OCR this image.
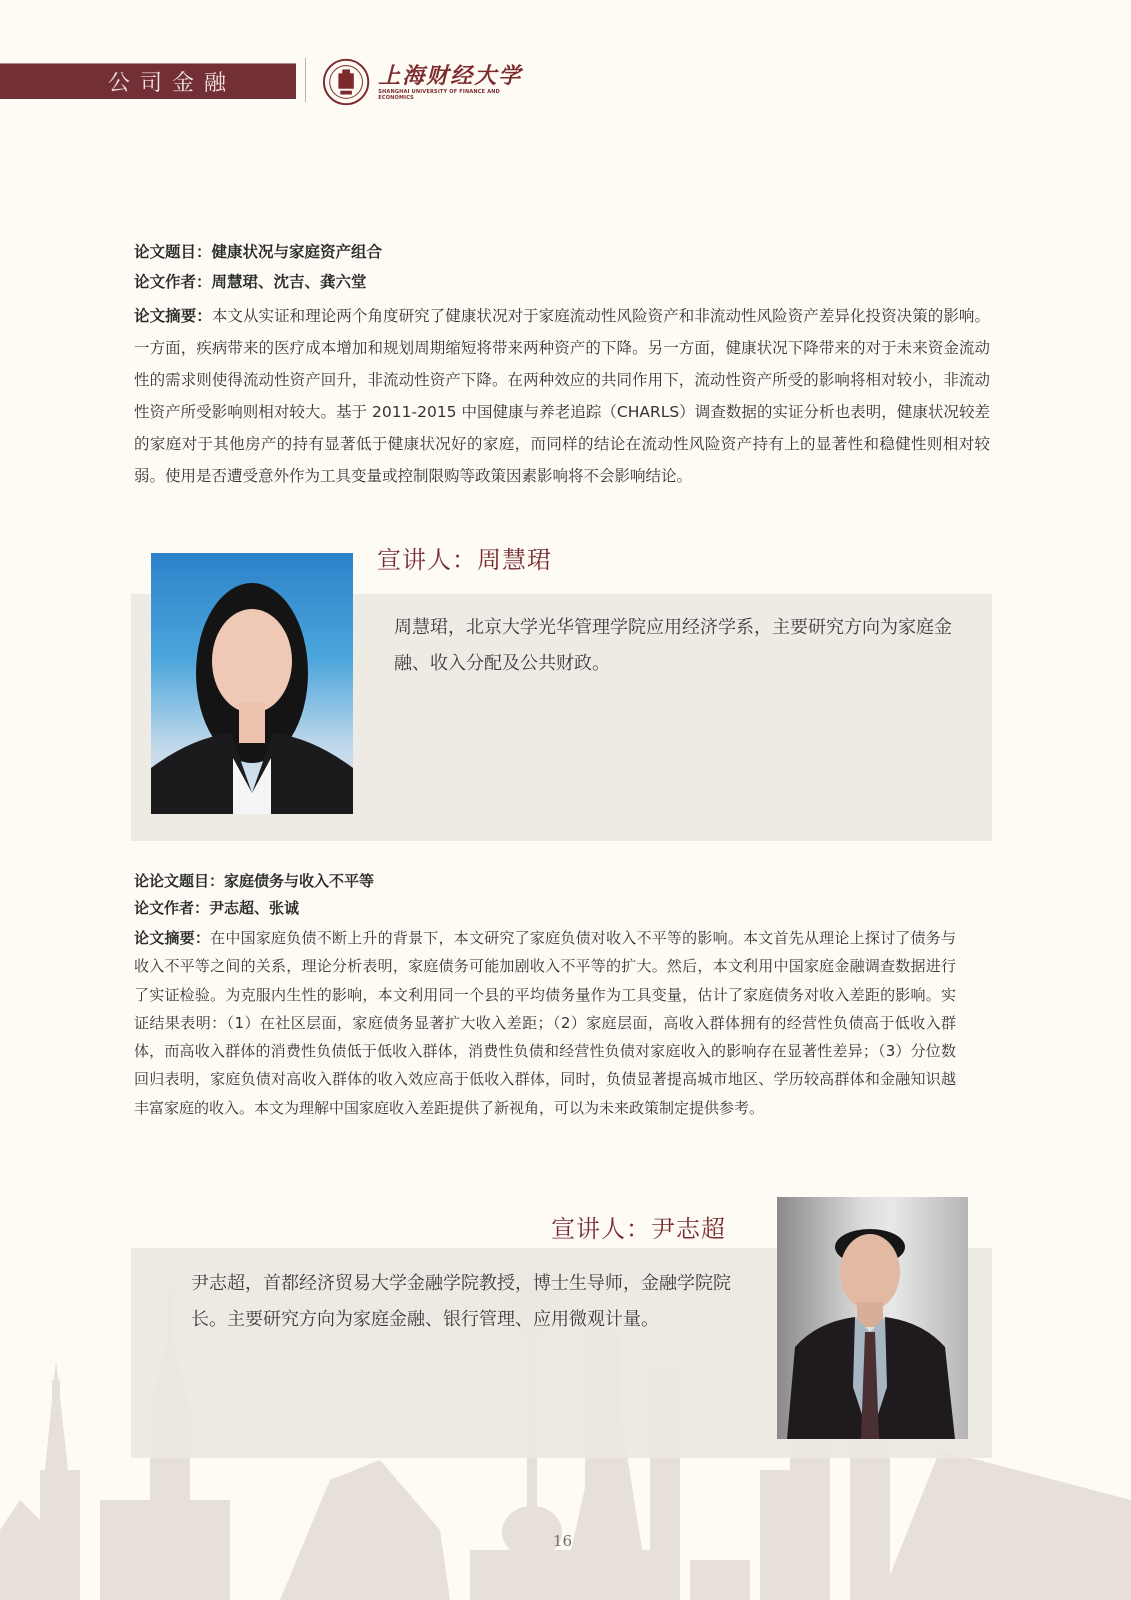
公司金融	上海财经大学
SHANGHAI UNIVERSITY OF FINANCE AND ECONOMICS
论文题目：健康状况与家庭资产组合
论文作者：周慧珺、沈吉、龚六堂
论文摘要：本文从实证和理论两个角度研究了健康状况对于家庭流动性风险资产和非流动性风险资产差异化投资决策的影响。一方面，疾病带来的医疗成本增加和规划周期缩短将带来两种资产的下降。另一方面，健康状况下降带来的对于未来资金流动性的需求则使得流动性资产回升，非流动性资产下降。在两种效应的共同作用下，流动性资产所受的影响将相对较小，非流动性资产所受影响则相对较大。基于 2011-2015 中国健康与养老追踪（CHARLS）调查数据的实证分析也表明，健康状况较差的家庭对于其他房产的持有显著低于健康状况好的家庭，而同样的结论在流动性风险资产持有上的显著性和稳健性则相对较弱。使用是否遭受意外作为工具变量或控制限购等政策因素影响将不会影响结论。
宣讲人：周慧珺
周慧珺，北京大学光华管理学院应用经济学系，主要研究方向为家庭金融、收入分配及公共财政。
论论文题目：家庭债务与收入不平等
论文作者：尹志超、张诚
论文摘要：在中国家庭负债不断上升的背景下，本文研究了家庭负债对收入不平等的影响。本文首先从理论上探讨了债务与收入不平等之间的关系，理论分析表明，家庭债务可能加剧收入不平等的扩大。然后，本文利用中国家庭金融调查数据进行了实证检验。为克服内生性的影响，本文利用同一个县的平均债务量作为工具变量，估计了家庭债务对收入差距的影响。实证结果表明：（1）在社区层面，家庭债务显著扩大收入差距；（2）家庭层面，高收入群体拥有的经营性负债高于低收入群体，而高收入群体的消费性负债低于低收入群体，消费性负债和经营性负债对家庭收入的影响存在显著性差异；（3）分位数回归表明，家庭负债对高收入群体的收入效应高于低收入群体，同时，负债显著提高城市地区、学历较高群体和金融知识越丰富家庭的收入。本文为理解中国家庭收入差距提供了新视角，可以为未来政策制定提供参考。
宣讲人：尹志超
尹志超，首都经济贸易大学金融学院教授，博士生导师，金融学院院长。主要研究方向为家庭金融、银行管理、应用微观计量。
16
